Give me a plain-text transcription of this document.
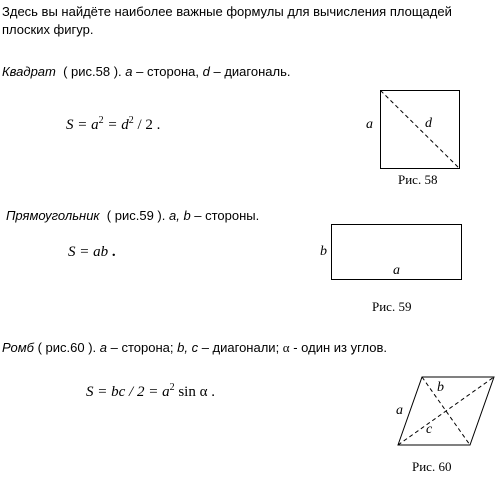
Здесь вы найдёте наиболее важные формулы для вычисления площадей плоских фигур.
Квадрат ( рис.58 ). a – сторона, d – диагональ.
$S = a^2 = d^2 / 2$ .	a	d
Рис. 58
Прямоугольник ( рис.59 ). a, b – стороны.
S = ab .	b
a
Рис. 59
Ромб ( рис.60 ). a – сторона; b, c – диагонали; α - один из углов.
S = bc / $2 = a^2$ sin α .
a
b
c
Рис. 60
